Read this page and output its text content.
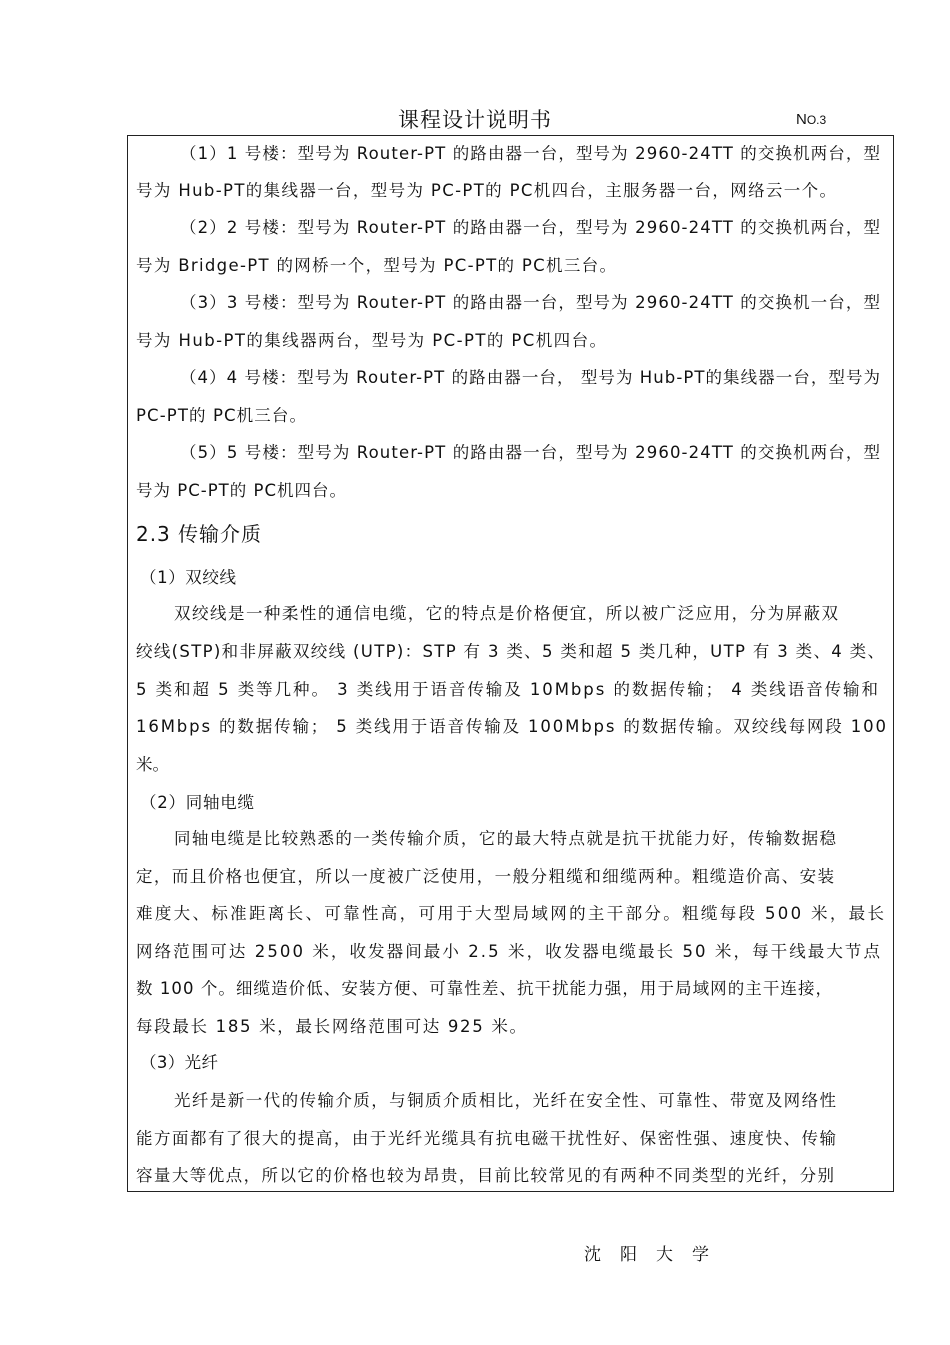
课程设计说明书	NO.3
（1）1 号楼：型号为 Router-PT 的路由器一台，型号为 2960-24TT 的交换机两台，型
号为 Hub-PT的集线器一台，型号为 PC-PT的 PC机四台，主服务器一台，网络云一个。
（2）2 号楼：型号为 Router-PT 的路由器一台，型号为 2960-24TT 的交换机两台，型
号为 Bridge-PT 的网桥一个，型号为 PC-PT的 PC机三台。
（3）3 号楼：型号为 Router-PT 的路由器一台，型号为 2960-24TT 的交换机一台，型
号为 Hub-PT的集线器两台，型号为 PC-PT的 PC机四台。
（4）4 号楼：型号为 Router-PT 的路由器一台， 型号为 Hub-PT的集线器一台，型号为
PC-PT的 PC机三台。
（5）5 号楼：型号为 Router-PT 的路由器一台，型号为 2960-24TT 的交换机两台，型
号为 PC-PT的 PC机四台。
2.3 传输介质
（1）双绞线
双绞线是一种柔性的通信电缆，它的特点是价格便宜，所以被广泛应用，分为屏蔽双
绞线(STP)和非屏蔽双绞线 (UTP)：STP 有 3 类、5 类和超 5 类几种，UTP 有 3 类、4 类、
5 类和超 5 类等几种。 3 类线用于语音传输及 10Mbps 的数据传输； 4 类线语音传输和
16Mbps 的数据传输； 5 类线用于语音传输及 100Mbps 的数据传输。双绞线每网段 100
米。
（2）同轴电缆
同轴电缆是比较熟悉的一类传输介质，它的最大特点就是抗干扰能力好，传输数据稳
定，而且价格也便宜，所以一度被广泛使用，一般分粗缆和细缆两种。粗缆造价高、安装
难度大、标准距离长、可靠性高，可用于大型局域网的主干部分。粗缆每段 500 米，最长
网络范围可达 2500 米，收发器间最小 2.5 米，收发器电缆最长 50 米，每干线最大节点
数 100 个。细缆造价低、安装方便、可靠性差、抗干扰能力强，用于局域网的主干连接，
每段最长 185 米，最长网络范围可达 925 米。
（3）光纤
光纤是新一代的传输介质，与铜质介质相比，光纤在安全性、可靠性、带宽及网络性
能方面都有了很大的提高，由于光纤光缆具有抗电磁干扰性好、保密性强、速度快、传输
容量大等优点，所以它的价格也较为昂贵，目前比较常见的有两种不同类型的光纤，分别
沈阳大学
